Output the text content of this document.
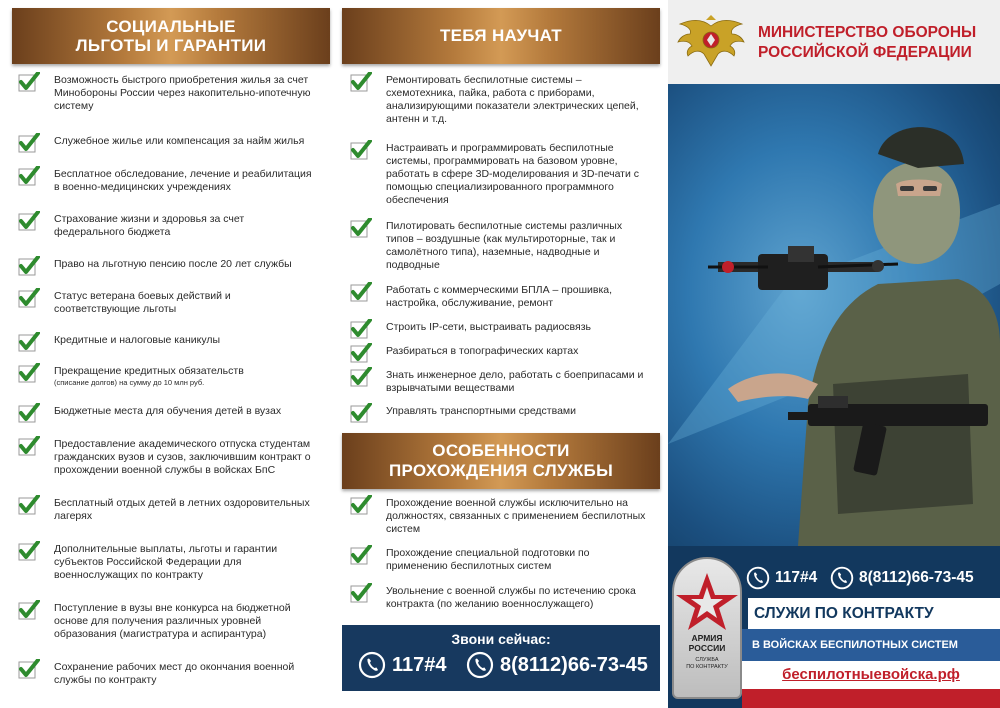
СОЦИАЛЬНЫЕ
ЛЬГОТЫ И ГАРАНТИИ
Возможность быстрого приобретения жилья за счет Минобороны России через накопительно-ипотечную систему
Служебное жилье или компенсация за найм жилья
Бесплатное обследование, лечение и реабилитация в военно-медицинских учреждениях
Страхование жизни и здоровья за счет федерального бюджета
Право на льготную пенсию после 20 лет службы
Статус ветерана боевых действий и соответствующие льготы
Кредитные и налоговые каникулы
Прекращение кредитных обязательств
(списание долгов) на сумму до 10 млн руб.
Бюджетные места для обучения детей в вузах
Предоставление академического отпуска студентам гражданских вузов и сузов, заключившим контракт о прохождении военной службы в войсках БпС
Бесплатный отдых детей в летних оздоровительных лагерях
Дополнительные выплаты, льготы и гарантии субъектов Российской Федерации для военнослужащих по контракту
Поступление в вузы вне конкурса на бюджетной основе для получения различных уровней образования (магистратура и аспирантура)
Сохранение рабочих мест до окончания военной службы по контракту
ТЕБЯ НАУЧАТ
ОСОБЕННОСТИ
ПРОХОЖДЕНИЯ СЛУЖБЫ
Звони сейчас:
117#4	8(8112)66-73-45
Ремонтировать беспилотные системы – схемотехника, пайка, работа с приборами, анализирующими показатели электрических цепей, антенн и т.д.
Настраивать и программировать беспилотные системы, программировать на базовом уровне, работать в сфере 3D-моделирования и 3D-печати с помощью специализированного программного обеспечения
Пилотировать беспилотные системы различных типов – воздушные (как мультироторные, так и самолётного типа), наземные, надводные и подводные
Работать с коммерческими БПЛА – прошивка, настройка, обслуживание, ремонт
Строить IP-сети, выстраивать радиосвязь
Разбираться в топографических картах
Знать инженерное дело, работать с боеприпасами и взрывчатыми веществами
Управлять транспортными средствами
Прохождение военной службы исключительно на должностях, связанных с применением беспилотных систем
Прохождение специальной подготовки по применению беспилотных систем
Увольнение с военной службы по истечению срока контракта (по желанию военнослужащего)
МИНИСТЕРСТВО ОБОРОНЫ
РОССИЙСКОЙ ФЕДЕРАЦИИ
АРМИЯ
РОССИИ
СЛУЖБА
ПО КОНТРАКТУ
117#4	8(8112)66-73-45
СЛУЖИ ПО КОНТРАКТУ
В ВОЙСКАХ БЕСПИЛОТНЫХ СИСТЕМ
беспилотныевойска.рф
